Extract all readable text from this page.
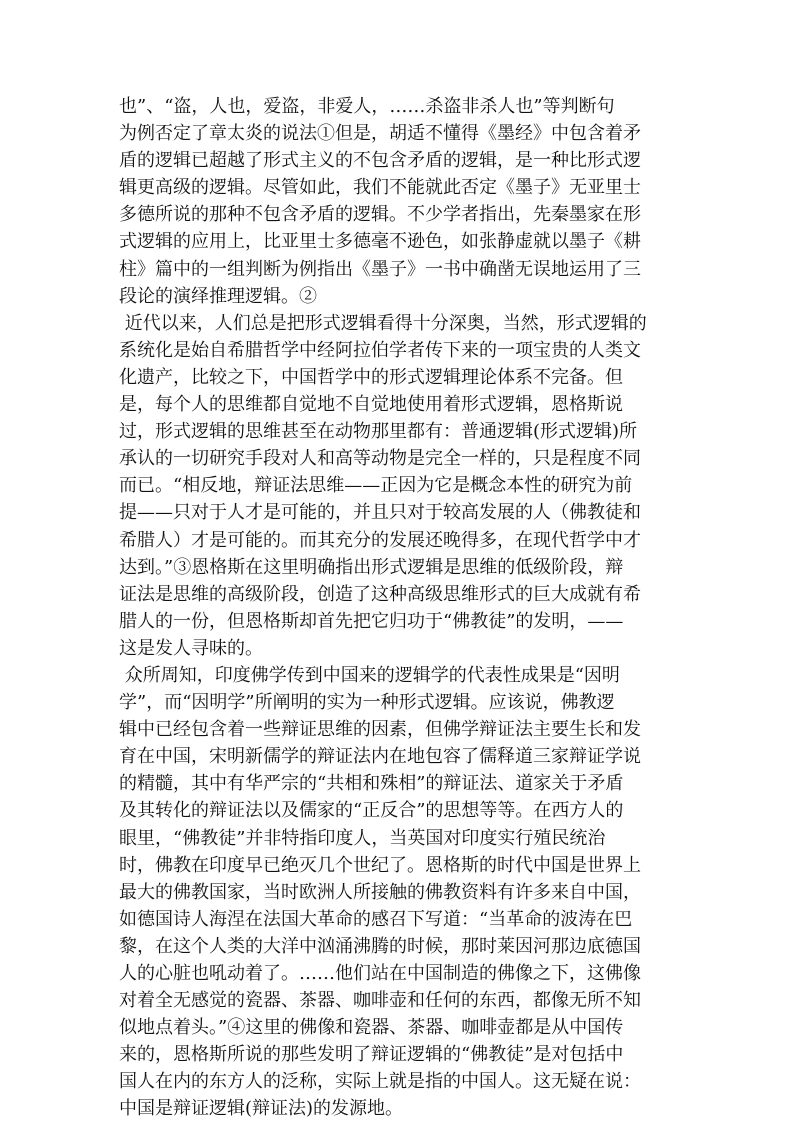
也”、“盗，人也，爱盗，非爱人，……杀盗非杀人也”等判断句
为例否定了章太炎的说法①但是，胡适不懂得《墨经》中包含着矛
盾的逻辑已超越了形式主义的不包含矛盾的逻辑，是一种比形式逻
辑更高级的逻辑。尽管如此，我们不能就此否定《墨子》无亚里士
多德所说的那种不包含矛盾的逻辑。不少学者指出，先秦墨家在形
式逻辑的应用上，比亚里士多德毫不逊色，如张静虚就以墨子《耕
柱》篇中的一组判断为例指出《墨子》一书中确凿无误地运用了三
段论的演绎推理逻辑。②
近代以来，人们总是把形式逻辑看得十分深奥，当然，形式逻辑的
系统化是始自希腊哲学中经阿拉伯学者传下来的一项宝贵的人类文
化遗产，比较之下，中国哲学中的形式逻辑理论体系不完备。但
是，每个人的思维都自觉地不自觉地使用着形式逻辑，恩格斯说
过，形式逻辑的思维甚至在动物那里都有：普通逻辑(形式逻辑)所
承认的一切研究手段对人和高等动物是完全一样的，只是程度不同
而已。“相反地，辩证法思维——正因为它是概念本性的研究为前
提——只对于人才是可能的，并且只对于较高发展的人（佛教徒和
希腊人）才是可能的。而其充分的发展还晚得多，在现代哲学中才
达到。”③恩格斯在这里明确指出形式逻辑是思维的低级阶段，辩
证法是思维的高级阶段，创造了这种高级思维形式的巨大成就有希
腊人的一份，但恩格斯却首先把它归功于“佛教徒”的发明，——
这是发人寻味的。
众所周知，印度佛学传到中国来的逻辑学的代表性成果是“因明
学”，而“因明学”所阐明的实为一种形式逻辑。应该说，佛教逻
辑中已经包含着一些辩证思维的因素，但佛学辩证法主要生长和发
育在中国，宋明新儒学的辩证法内在地包容了儒释道三家辩证学说
的精髓，其中有华严宗的“共相和殊相”的辩证法、道家关于矛盾
及其转化的辩证法以及儒家的“正反合”的思想等等。在西方人的
眼里，“佛教徒”并非特指印度人，当英国对印度实行殖民统治
时，佛教在印度早已绝灭几个世纪了。恩格斯的时代中国是世界上
最大的佛教国家，当时欧洲人所接触的佛教资料有许多来自中国，
如德国诗人海涅在法国大革命的感召下写道：“当革命的波涛在巴
黎，在这个人类的大洋中汹涌沸腾的时候，那时莱因河那边底德国
人的心脏也吼动着了。……他们站在中国制造的佛像之下，这佛像
对着全无感觉的瓷器、茶器、咖啡壶和任何的东西，都像无所不知
似地点着头。”④这里的佛像和瓷器、茶器、咖啡壶都是从中国传
来的，恩格斯所说的那些发明了辩证逻辑的“佛教徒”是对包括中
国人在内的东方人的泛称，实际上就是指的中国人。这无疑在说：
中国是辩证逻辑(辩证法)的发源地。
